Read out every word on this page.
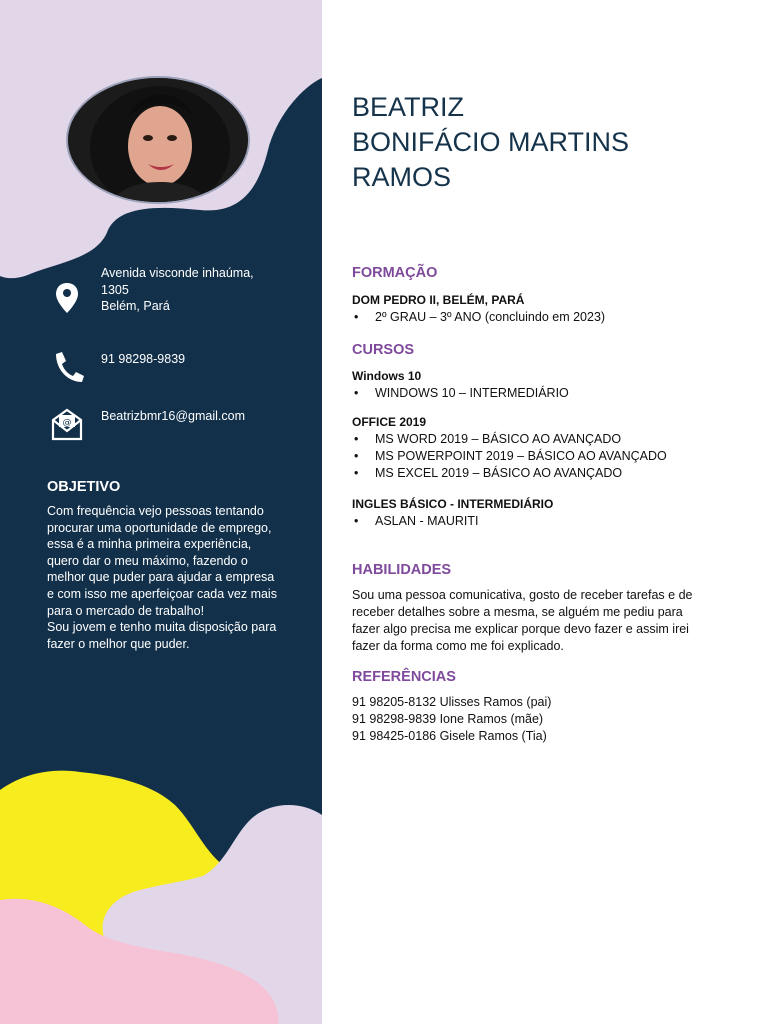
Avenida visconde inhaúma,
1305
Belém, Pará
91 98298-9839
@ Beatrizbmr16@gmail.com
OBJETIVO

Com frequência vejo pessoas tentando procurar uma oportunidade de emprego, essa é a minha primeira experiência, quero dar o meu máximo, fazendo o melhor que puder para ajudar a empresa e com isso me aperfeiçoar cada vez mais para o mercado de trabalho!

Sou jovem e tenho muita disposição para fazer o melhor que puder.

BEATRIZ
BONIFÁCIO MARTINS
RAMOS
FORMAÇÃO
DOM PEDRO II, BELÉM, PARÁ
• 2º GRAU – 3º ANO (concluindo em 2023)
CURSOS
Windows 10
• WINDOWS 10 – INTERMEDIÁRIO
OFFICE 2019
• MS WORD 2019 – BÁSICO AO AVANÇADO
• MS POWERPOINT 2019 – BÁSICO AO AVANÇADO
• MS EXCEL 2019 – BÁSICO AO AVANÇADO
INGLES BÁSICO - INTERMEDIÁRIO
• ASLAN - MAURITI
HABILIDADES
Sou uma pessoa comunicativa, gosto de receber tarefas e de receber detalhes sobre a mesma, se alguém me pediu para fazer algo precisa me explicar porque devo fazer e assim irei fazer da forma como me foi explicado.
REFERÊNCIAS
91 98205-8132 Ulisses Ramos (pai)
91 98298-9839 Ione Ramos (mãe)
91 98425-0186 Gisele Ramos (Tia)
